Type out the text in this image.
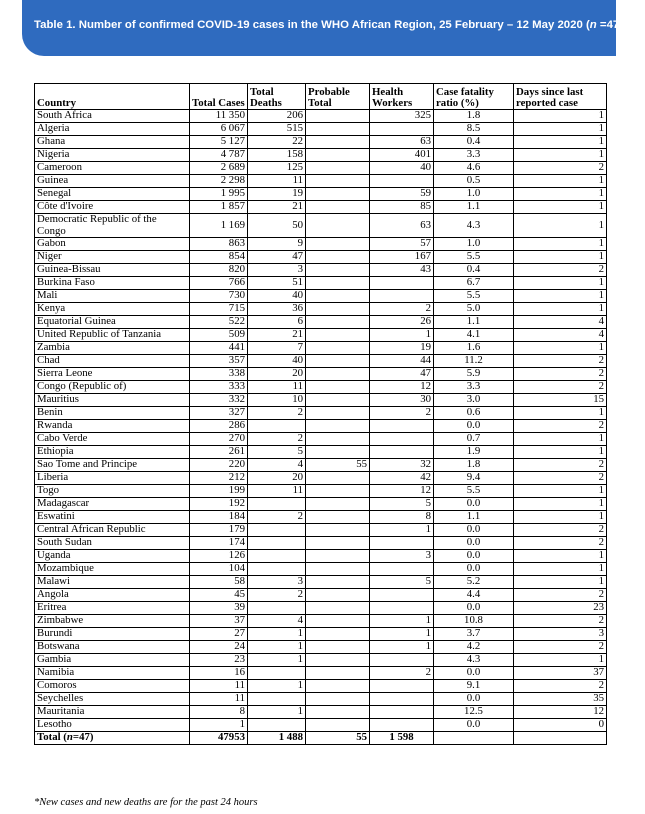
Table 1. Number of confirmed COVID-19 cases in the WHO African Region, 25 February – 12 May 2020 (n =47 953)
Country	Total Cases	Total Deaths	Probable Total	Health Workers	Case fatality ratio (%)	Days since last reported case
South Africa	11 350	206		325	1.8	1
Algeria	6 067	515			8.5	1
Ghana	5 127	22		63	0.4	1
Nigeria	4 787	158		401	3.3	1
Cameroon	2 689	125		40	4.6	2
Guinea	2 298	11			0.5	1
Senegal	1 995	19		59	1.0	1
Côte d'Ivoire	1 857	21		85	1.1	1
Democratic Republic of the Congo	1 169	50		63	4.3	1
Gabon	863	9		57	1.0	1
Niger	854	47		167	5.5	1
Guinea-Bissau	820	3		43	0.4	2
Burkina Faso	766	51			6.7	1
Mali	730	40			5.5	1
Kenya	715	36		2	5.0	1
Equatorial Guinea	522	6		26	1.1	4
United Republic of Tanzania	509	21		1	4.1	4
Zambia	441	7		19	1.6	1
Chad	357	40		44	11.2	2
Sierra Leone	338	20		47	5.9	2
Congo (Republic of)	333	11		12	3.3	2
Mauritius	332	10		30	3.0	15
Benin	327	2		2	0.6	1
Rwanda	286				0.0	2
Cabo Verde	270	2			0.7	1
Ethiopia	261	5			1.9	1
Sao Tome and Principe	220	4	55	32	1.8	2
Liberia	212	20		42	9.4	2
Togo	199	11		12	5.5	1
Madagascar	192			5	0.0	1
Eswatini	184	2		8	1.1	1
Central African Republic	179			1	0.0	2
South Sudan	174				0.0	2
Uganda	126			3	0.0	1
Mozambique	104				0.0	1
Malawi	58	3		5	5.2	1
Angola	45	2			4.4	2
Eritrea	39				0.0	23
Zimbabwe	37	4		1	10.8	2
Burundi	27	1		1	3.7	3
Botswana	24	1		1	4.2	2
Gambia	23	1			4.3	1
Namibia	16			2	0.0	37
Comoros	11	1			9.1	2
Seychelles	11				0.0	35
Mauritania	8	1			12.5	12
Lesotho	1				0.0	0
Total (n=47)	47953	1 488	55	1 598		
*New cases and new deaths are for the past 24 hours
